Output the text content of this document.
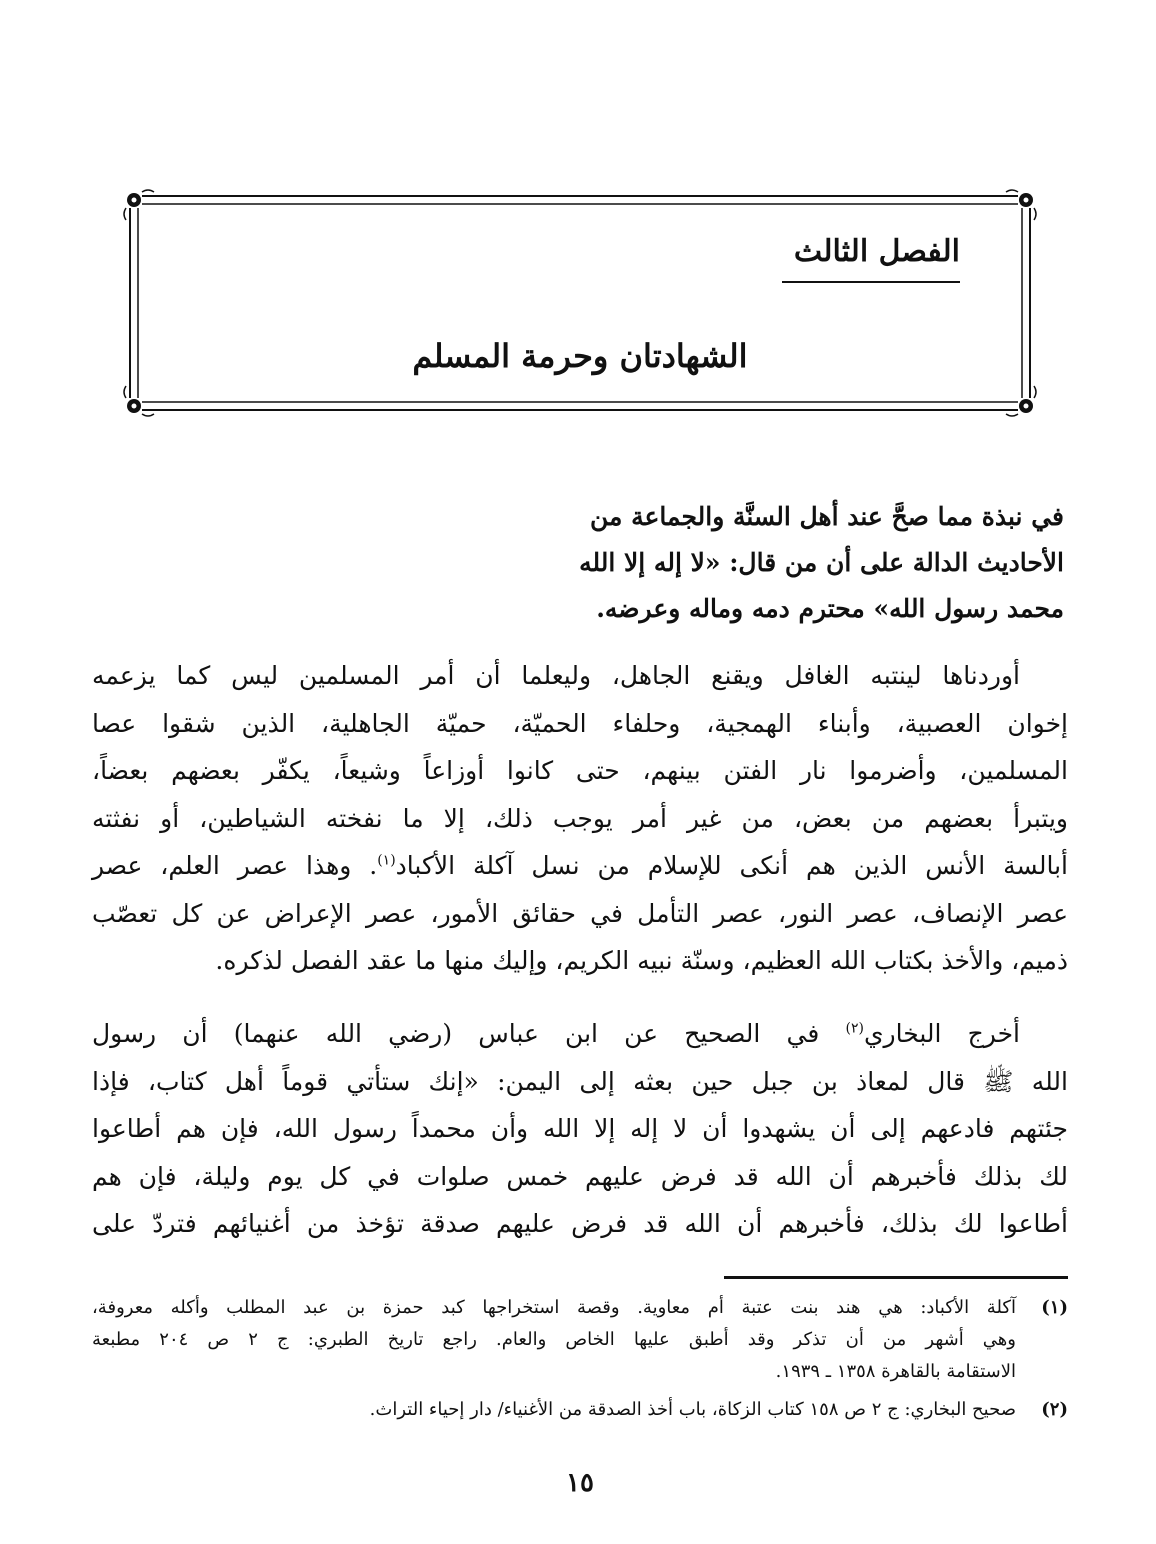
الفصل الثالث
الشهادتان وحرمة المسلم
في نبذة مما صحَّ عند أهل السنَّة والجماعة من
الأحاديث الدالة على أن من قال: «لا إله إلا الله
محمد رسول الله» محترم دمه وماله وعرضه.
أوردناها لينتبه الغافل ويقنع الجاهل، وليعلما أن أمر المسلمين ليس كما يزعمه
إخوان العصبية، وأبناء الهمجية، وحلفاء الحميّة، حميّة الجاهلية، الذين شقوا عصا
المسلمين، وأضرموا نار الفتن بينهم، حتى كانوا أوزاعاً وشيعاً، يكفّر بعضهم بعضاً،
ويتبرأ بعضهم من بعض، من غير أمر يوجب ذلك، إلا ما نفخته الشياطين، أو نفثته
أبالسة الأنس الذين هم أنكى للإسلام من نسل آكلة الأكباد$^{(١)}$. وهذا عصر العلم، عصر
عصر الإنصاف، عصر النور، عصر التأمل في حقائق الأمور، عصر الإعراض عن كل تعصّب
ذميم، والأخذ بكتاب الله العظيم، وسنّة نبيه الكريم، وإليك منها ما عقد الفصل لذكره.
أخرج البخاري$^{(٢)}$ في الصحيح عن ابن عباس (رضي الله عنهما) أن رسول
الله ﷺ قال لمعاذ بن جبل حين بعثه إلى اليمن: «إنك ستأتي قوماً أهل كتاب، فإذا
جئتهم فادعهم إلى أن يشهدوا أن لا إله إلا الله وأن محمداً رسول الله، فإن هم أطاعوا
لك بذلك فأخبرهم أن الله قد فرض عليهم خمس صلوات في كل يوم وليلة، فإن هم
أطاعوا لك بذلك، فأخبرهم أن الله قد فرض عليهم صدقة تؤخذ من أغنيائهم فتردّ على
(١)
آكلة الأكباد: هي هند بنت عتبة أم معاوية. وقصة استخراجها كبد حمزة بن عبد المطلب وأكله معروفة،
وهي أشهر من أن تذكر وقد أطبق عليها الخاص والعام. راجع تاريخ الطبري: ج ٢ ص ٢٠٤ مطبعة
الاستقامة بالقاهرة ١٣٥٨ ـ ١٩٣٩.
(٢)
صحيح البخاري: ج ٢ ص ١٥٨ كتاب الزكاة، باب أخذ الصدقة من الأغنياء/ دار إحياء التراث.
١٥
